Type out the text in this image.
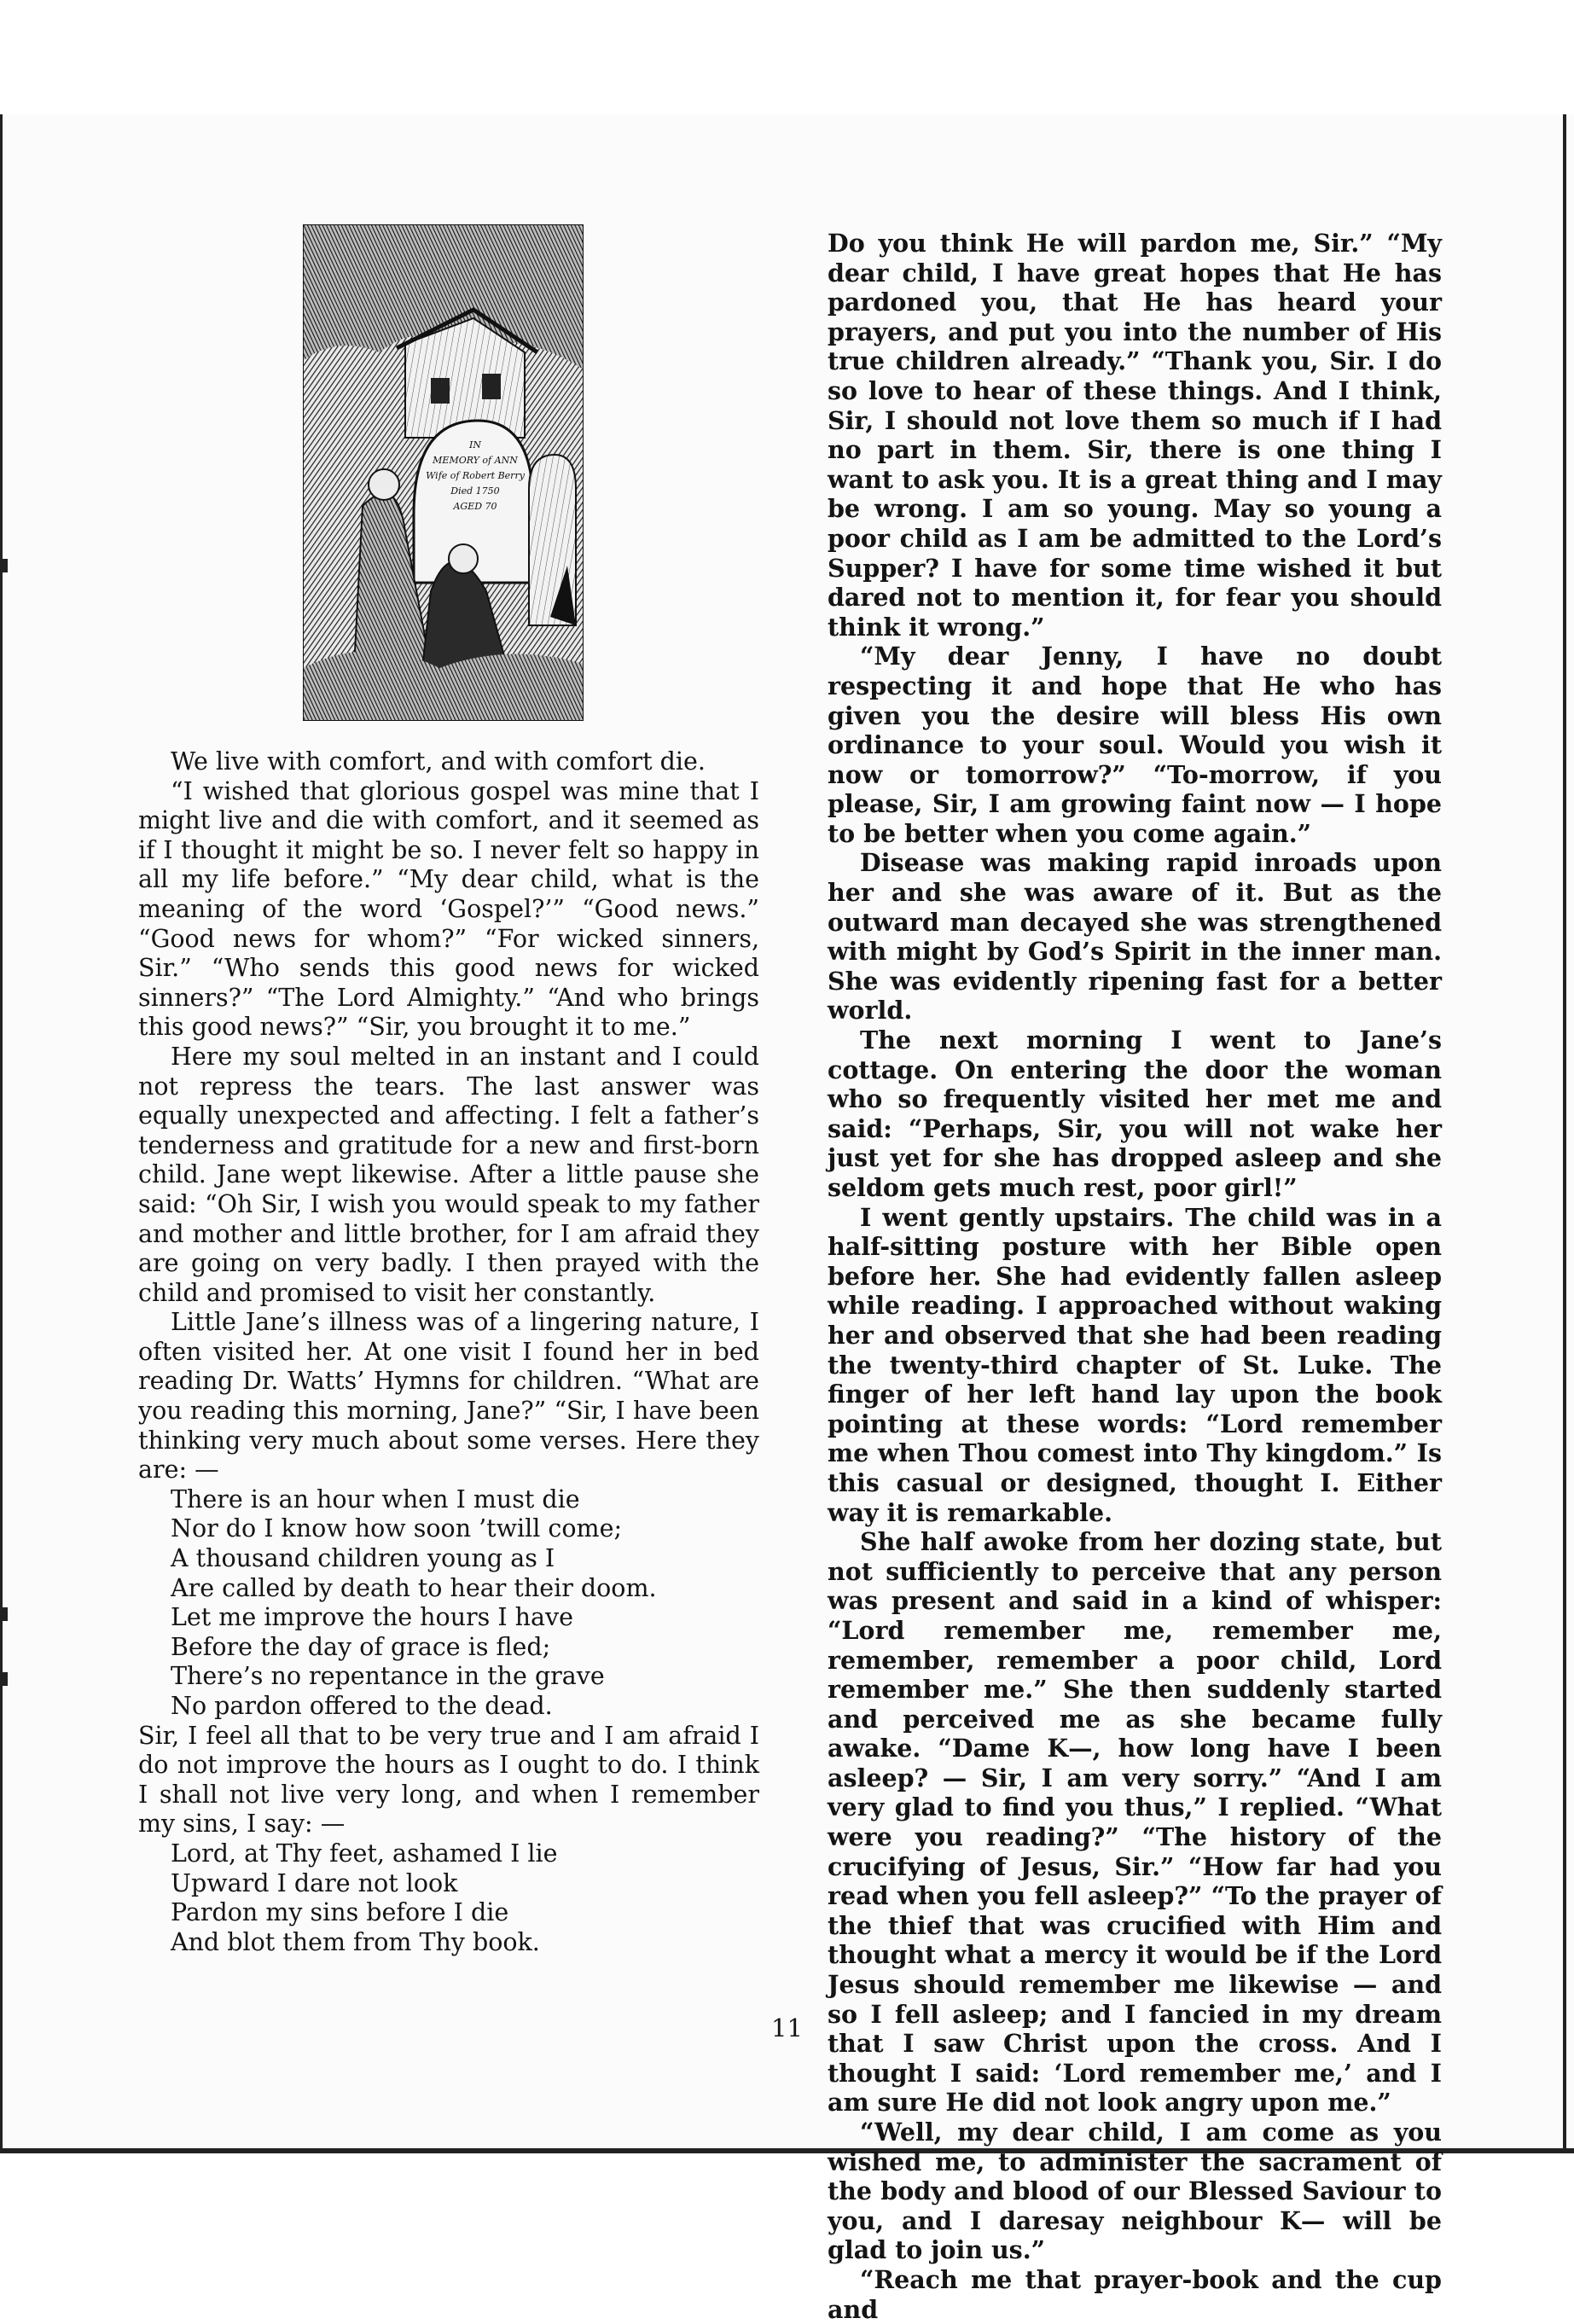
IN
MEMORY of ANN
Wife of Robert Berry
Died 1750
AGED 70

We live with comfort, and with comfort die.

“I wished that glorious gospel was mine that I might live and die with comfort, and it seemed as if I thought it might be so. I never felt so happy in all my life before.” “My dear child, what is the meaning of the word ‘Gospel?’” “Good news.” “Good news for whom?” “For wicked sinners, Sir.” “Who sends this good news for wicked sinners?” “The Lord Almighty.” “And who brings this good news?” “Sir, you brought it to me.”

Here my soul melted in an instant and I could not repress the tears. The last answer was equally unexpected and affecting. I felt a father’s tenderness and gratitude for a new and first-born child. Jane wept likewise. After a little pause she said: “Oh Sir, I wish you would speak to my father and mother and little brother, for I am afraid they are going on very badly. I then prayed with the child and promised to visit her constantly.

Little Jane’s illness was of a lingering nature, I often visited her. At one visit I found her in bed reading Dr. Watts’ Hymns for children. “What are you reading this morning, Jane?” “Sir, I have been thinking very much about some verses. Here they are: —

There is an hour when I must die

Nor do I know how soon ’twill come;

A thousand children young as I

Are called by death to hear their doom.

Let me improve the hours I have

Before the day of grace is fled;

There’s no repentance in the grave

No pardon offered to the dead.

Sir, I feel all that to be very true and I am afraid I do not improve the hours as I ought to do. I think I shall not live very long, and when I remember my sins, I say: —

Lord, at Thy feet, ashamed I lie

Upward I dare not look

Pardon my sins before I die

And blot them from Thy book.

Do you think He will pardon me, Sir.” “My dear child, I have great hopes that He has pardoned you, that He has heard your prayers, and put you into the number of His true children already.” “Thank you, Sir. I do so love to hear of these things. And I think, Sir, I should not love them so much if I had no part in them. Sir, there is one thing I want to ask you. It is a great thing and I may be wrong. I am so young. May so young a poor child as I am be admitted to the Lord’s Supper? I have for some time wished it but dared not to mention it, for fear you should think it wrong.”

“My dear Jenny, I have no doubt respecting it and hope that He who has given you the desire will bless His own ordinance to your soul. Would you wish it now or tomorrow?” “To-morrow, if you please, Sir, I am growing faint now — I hope to be better when you come again.”

Disease was making rapid inroads upon her and she was aware of it. But as the outward man decayed she was strengthened with might by God’s Spirit in the inner man. She was evidently ripening fast for a better world.

The next morning I went to Jane’s cottage. On entering the door the woman who so frequently visited her met me and said: “Perhaps, Sir, you will not wake her just yet for she has dropped asleep and she seldom gets much rest, poor girl!”

I went gently upstairs. The child was in a half-sitting posture with her Bible open before her. She had evidently fallen asleep while reading. I approached without waking her and observed that she had been reading the twenty-third chapter of St. Luke. The finger of her left hand lay upon the book pointing at these words: “Lord remember me when Thou comest into Thy kingdom.” Is this casual or designed, thought I. Either way it is remarkable.

She half awoke from her dozing state, but not sufficiently to perceive that any person was present and said in a kind of whisper: “Lord remember me, remember me, remember, remember a poor child, Lord remember me.” She then suddenly started and perceived me as she became fully awake. “Dame K—, how long have I been asleep? — Sir, I am very sorry.” “And I am very glad to find you thus,” I replied. “What were you reading?” “The history of the crucifying of Jesus, Sir.” “How far had you read when you fell asleep?” “To the prayer of the thief that was crucified with Him and thought what a mercy it would be if the Lord Jesus should remember me likewise — and so I fell asleep; and I fancied in my dream that I saw Christ upon the cross. And I thought I said: ‘Lord remember me,’ and I am sure He did not look angry upon me.”

“Well, my dear child, I am come as you wished me, to administer the sacrament of the body and blood of our Blessed Saviour to you, and I daresay neighbour K— will be glad to join us.”

“Reach me that prayer-book and the cup and

11
